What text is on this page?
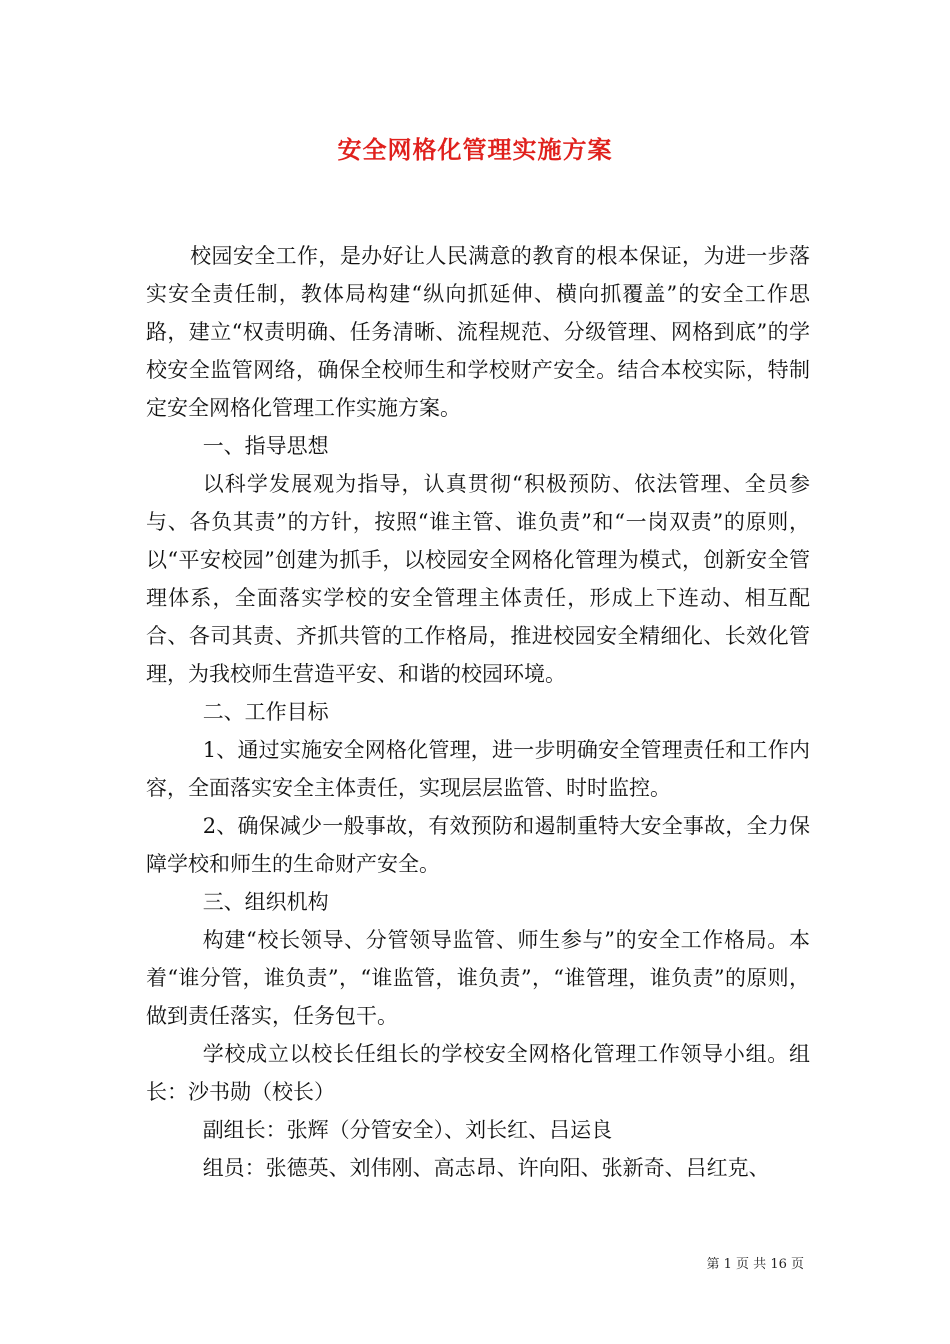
安全网格化管理实施方案

校园安全工作，是办好让人民满意的教育的根本保证，为进一步落实安全责任制，教体局构建“纵向抓延伸、横向抓覆盖”的安全工作思路，建立“权责明确、任务清晰、流程规范、分级管理、网格到底”的学校安全监管网络，确保全校师生和学校财产安全。结合本校实际，特制定安全网格化管理工作实施方案。

一、指导思想

以科学发展观为指导，认真贯彻“积极预防、依法管理、全员参与、各负其责”的方针，按照“谁主管、谁负责”和“一岗双责”的原则，以“平安校园”创建为抓手，以校园安全网格化管理为模式，创新安全管理体系，全面落实学校的安全管理主体责任，形成上下连动、相互配合、各司其责、齐抓共管的工作格局，推进校园安全精细化、长效化管理，为我校师生营造平安、和谐的校园环境。

二、工作目标

1、通过实施安全网格化管理，进一步明确安全管理责任和工作内容，全面落实安全主体责任，实现层层监管、时时监控。

2、确保减少一般事故，有效预防和遏制重特大安全事故，全力保障学校和师生的生命财产安全。

三、组织机构

构建“校长领导、分管领导监管、师生参与”的安全工作格局。本着“谁分管，谁负责”，“谁监管，谁负责”，“谁管理，谁负责”的原则，做到责任落实，任务包干。

学校成立以校长任组长的学校安全网格化管理工作领导小组。组长：沙书勋（校长）

副组长：张辉（分管安全）、刘长红、吕运良

组员：张德英、刘伟刚、高志昂、许向阳、张新奇、吕红克、

第 1 页 共 16 页
